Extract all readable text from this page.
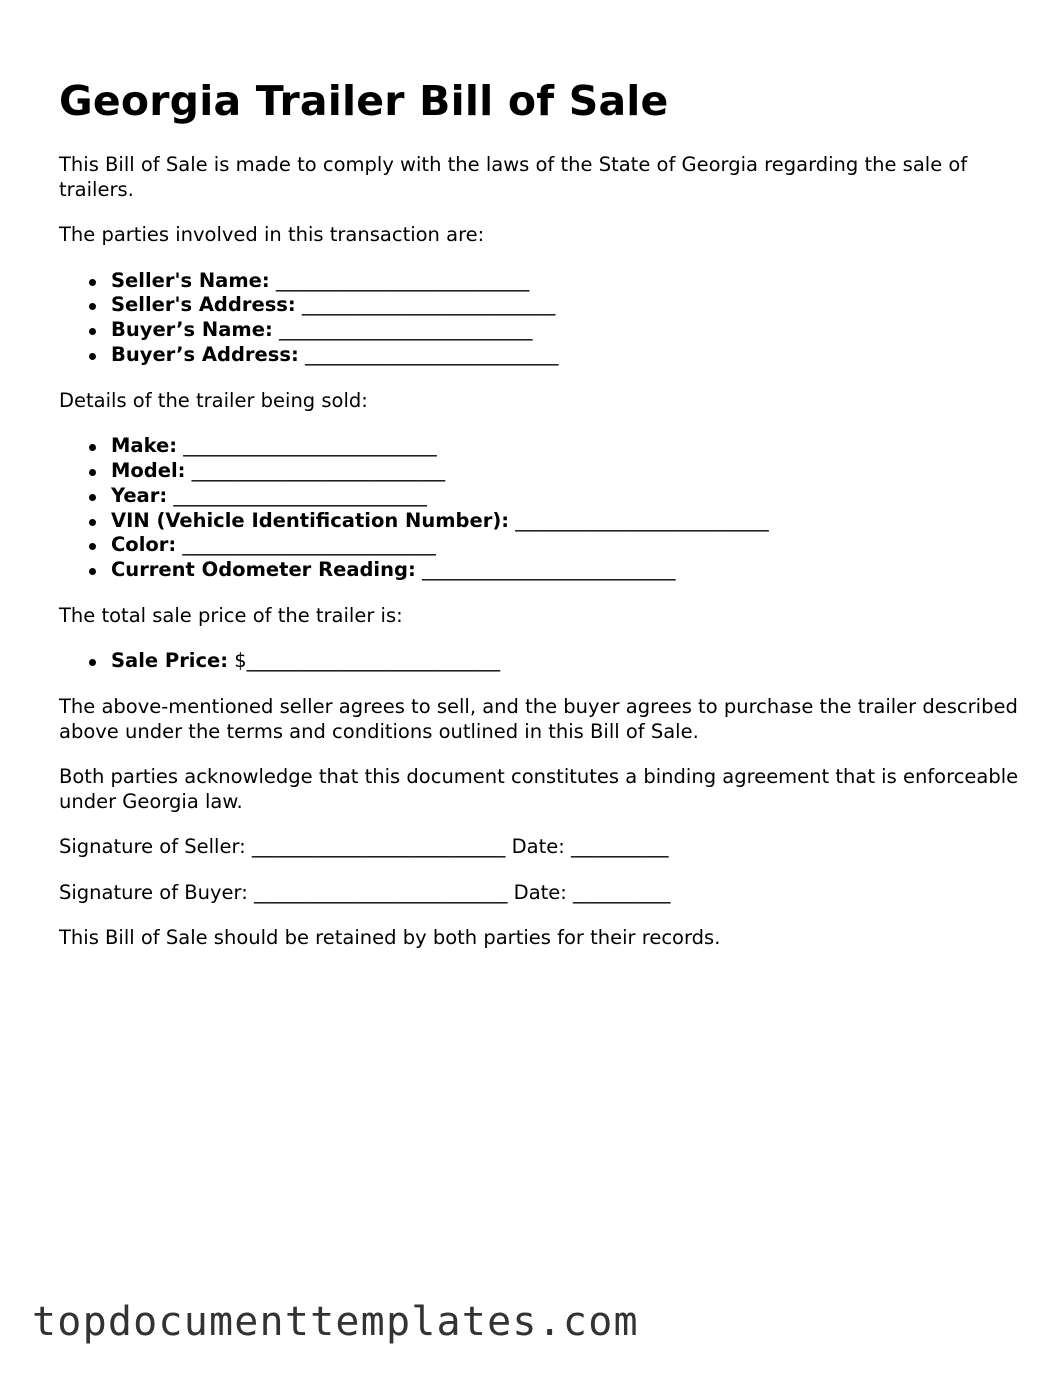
Georgia Trailer Bill of Sale

This Bill of Sale is made to comply with the laws of the State of Georgia regarding the sale of trailers.

The parties involved in this transaction are:

Seller's Name: __________________________
Seller's Address: __________________________
Buyer’s Name: __________________________
Buyer’s Address: __________________________

Details of the trailer being sold:

Make: __________________________
Model: __________________________
Year: __________________________
VIN (Vehicle Identification Number): __________________________
Color: __________________________
Current Odometer Reading: __________________________

The total sale price of the trailer is:

Sale Price: $__________________________

The above-mentioned seller agrees to sell, and the buyer agrees to purchase the trailer described above under the terms and conditions outlined in this Bill of Sale.

Both parties acknowledge that this document constitutes a binding agreement that is enforceable under Georgia law.

Signature of Seller: __________________________ Date: __________

Signature of Buyer: __________________________ Date: __________

This Bill of Sale should be retained by both parties for their records.

topdocumenttemplates.com
